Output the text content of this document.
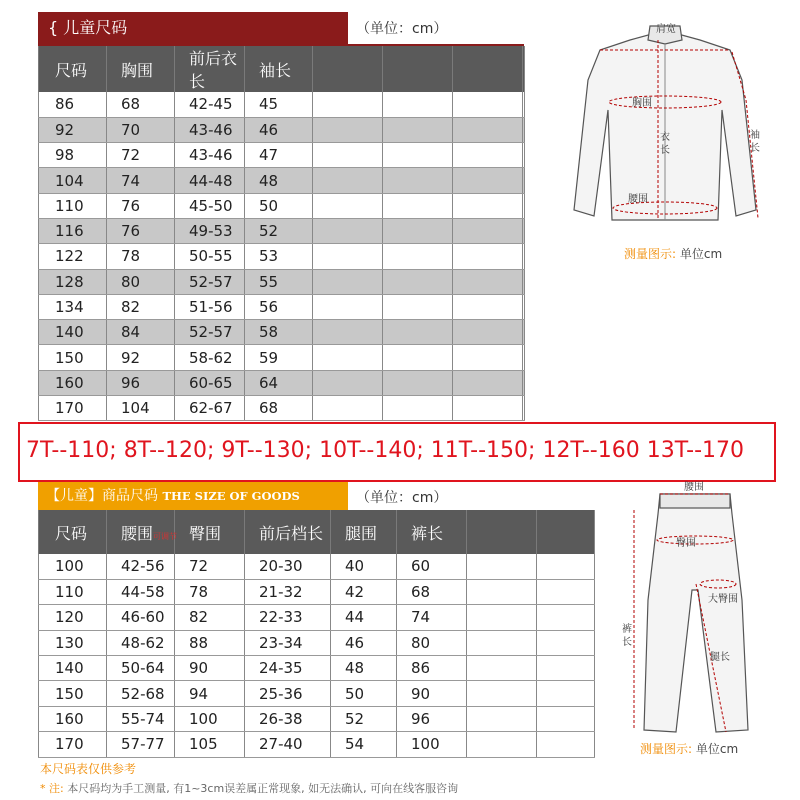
{ 儿童尺码	（单位：cm）
尺码	胸围	前后衣长	袖长				
86	68	42-45	45				
92	70	43-46	46				
98	72	43-46	47				
104	74	44-48	48				
110	76	45-50	50				
116	76	49-53	52				
122	78	50-55	53				
128	80	52-57	55				
134	82	51-56	56				
140	84	52-57	58				
150	92	58-62	59				
160	96	60-65	64				
170	104	62-67	68				
肩宽
胸围
衣
长
袖
长
腰围
测量图示: 单位cm
7T--110; 8T--120; 9T--130; 10T--140; 11T--150; 12T--160 13T--170
【儿童】商品尺码 THE SIZE OF GOODS	（单位：cm）
尺码	腰围可调节	臀围	前后档长	腿围	裤长		
100	42-56	72	20-30	40	60		
110	44-58	78	21-32	42	68		
120	46-60	82	22-33	44	74		
130	48-62	88	23-34	46	80		
140	50-64	90	24-35	48	86		
150	52-68	94	25-36	50	90		
160	55-74	100	26-38	52	96		
170	57-77	105	27-40	54	100		
腰围
臀围
大臀围
腿长
裤
长
测量图示: 单位cm
本尺码表仅供参考
* 注: 本尺码均为手工测量, 有1~3cm误差属正常现象, 如无法确认, 可向在线客服咨询
